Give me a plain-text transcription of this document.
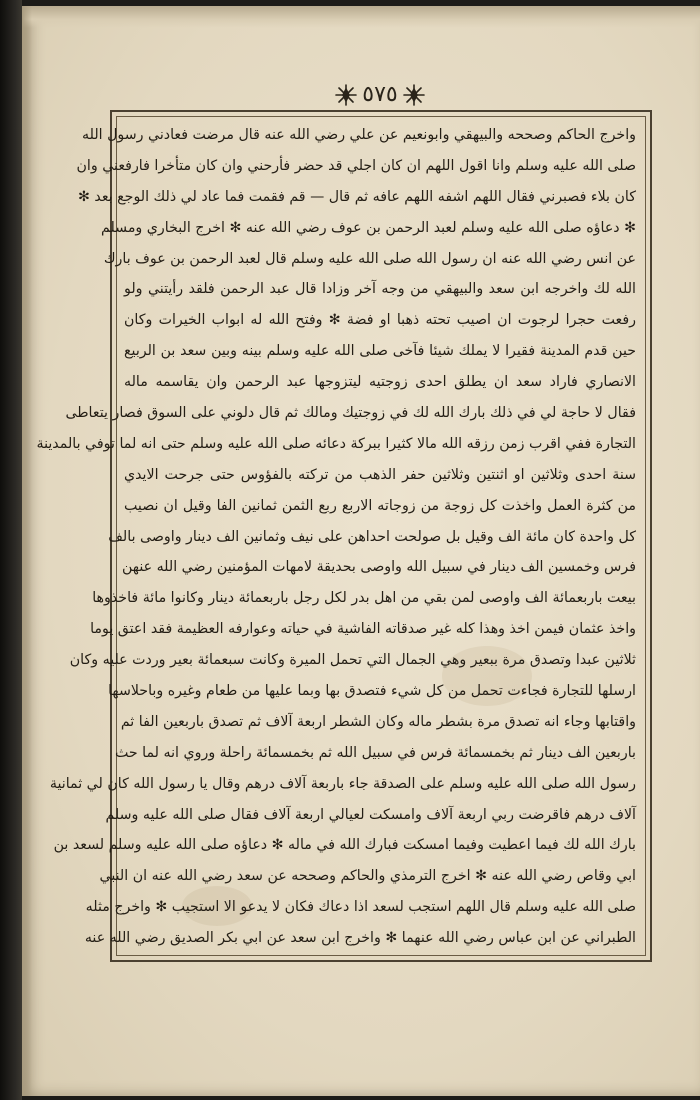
٥٧٥
واخرج الحاكم وصححه والبيهقي وابونعيم عن علي رضي الله عنه قال مرضت فعادني رسول الله
صلى الله عليه وسلم وانا اقول اللهم ان كان اجلي قد حضر فأرحني وان كان متأخرا فارفعني وان
كان بلاء فصبرني فقال اللهم اشفه اللهم عافه ثم قال — قم فقمت فما عاد لي ذلك الوجع بعد ✻
✻ دعاؤه صلى الله عليه وسلم لعبد الرحمن بن عوف رضي الله عنه ✻ اخرج البخاري ومسلم
عن انس رضي الله عنه ان رسول الله صلى الله عليه وسلم قال لعبد الرحمن بن عوف بارك
الله لك واخرجه ابن سعد والبيهقي من وجه آخر وزادا قال عبد الرحمن فلقد رأيتني ولو
رفعت حجرا لرجوت ان اصيب تحته ذهبا او فضة ✻ وفتح الله له ابواب الخيرات وكان
حين قدم المدينة فقيرا لا يملك شيئا فآخى صلى الله عليه وسلم بينه وبين سعد بن الربيع
الانصاري فاراد سعد ان يطلق احدى زوجتيه ليتزوجها عبد الرحمن وان يقاسمه ماله
فقال لا حاجة لي في ذلك بارك الله لك في زوجتيك ومالك ثم قال دلوني على السوق فصار يتعاطى
التجارة ففي اقرب زمن رزقه الله مالا كثيرا ببركة دعائه صلى الله عليه وسلم حتى انه لما توفي بالمدينة
سنة احدى وثلاثين او اثنتين وثلاثين حفر الذهب من تركته بالفؤوس حتى جرحت الايدي
من كثرة العمل واخذت كل زوجة من زوجاته الاربع ربع الثمن ثمانين الفا وقيل ان نصيب
كل واحدة كان مائة الف وقيل بل صولحت احداهن على نيف وثمانين الف دينار واوصى بالف
فرس وخمسين الف دينار في سبيل الله واوصى بحديقة لامهات المؤمنين رضي الله عنهن
بيعت باربعمائة الف واوصى لمن بقي من اهل بدر لكل رجل باربعمائة دينار وكانوا مائة فاخذوها
واخذ عثمان فيمن اخذ وهذا كله غير صدقاته الفاشية في حياته وعوارفه العظيمة فقد اعتق يوما
ثلاثين عبدا وتصدق مرة ببعير وهي الجمال التي تحمل الميرة وكانت سبعمائة بعير وردت عليه وكان
ارسلها للتجارة فجاءت تحمل من كل شيء فتصدق بها وبما عليها من طعام وغيره وباحلاسها
واقتابها وجاء انه تصدق مرة بشطر ماله وكان الشطر اربعة آلاف ثم تصدق باربعين الفا ثم
باربعين الف دينار ثم بخمسمائة فرس في سبيل الله ثم بخمسمائة راحلة وروي انه لما حث
رسول الله صلى الله عليه وسلم على الصدقة جاء باربعة آلاف درهم وقال يا رسول الله كان لي ثمانية
آلاف درهم فاقرضت ربي اربعة آلاف وامسكت لعيالي اربعة آلاف فقال صلى الله عليه وسلم
بارك الله لك فيما اعطيت وفيما امسكت فبارك الله في ماله ✻ دعاؤه صلى الله عليه وسلم لسعد بن
ابي وقاص رضي الله عنه ✻ اخرج الترمذي والحاكم وصححه عن سعد رضي الله عنه ان النبي
صلى الله عليه وسلم قال اللهم استجب لسعد اذا دعاك فكان لا يدعو الا استجيب ✻ واخرج مثله
الطبراني عن ابن عباس رضي الله عنهما ✻ واخرج ابن سعد عن ابي بكر الصديق رضي الله عنه
